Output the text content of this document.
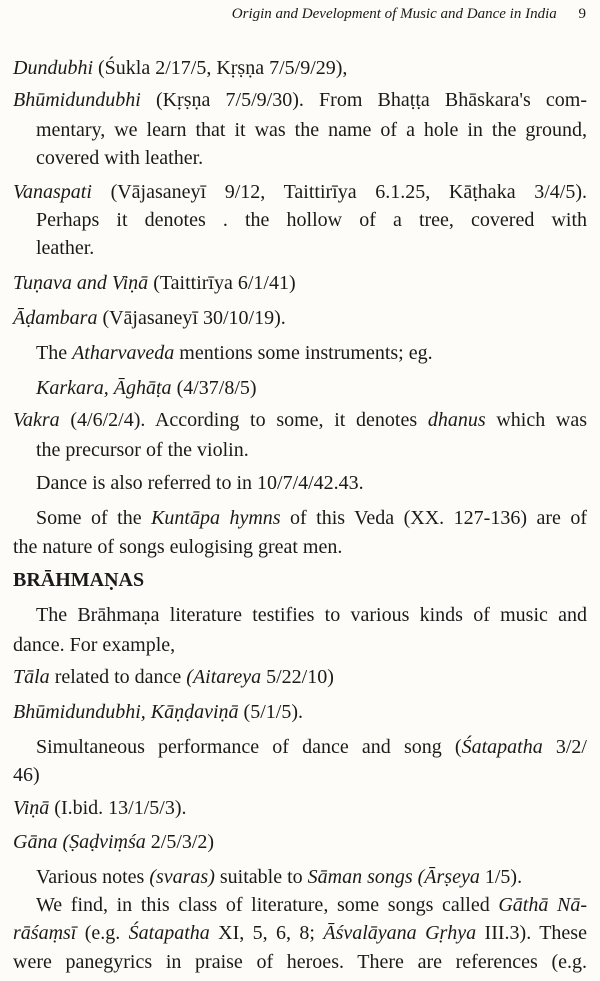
Origin and Development of Music and Dance in India 9
Dundubhi (Śukla 2/17/5, Kṛṣṇa 7/5/9/29),
Bhūmidundubhi (Kṛṣṇa 7/5/9/30). From Bhaṭṭa Bhāskara's com-
mentary, we learn that it was the name of a hole in the ground,
covered with leather.
Vanaspati (Vājasaneyī 9/12, Taittirīya 6.1.25, Kāṭhaka 3/4/5).
Perhaps it denotes . the hollow of a tree, covered with
leather.
Tuṇava and Viṇā (Taittirīya 6/1/41)
Āḍambara (Vājasaneyī 30/10/19).
The Atharvaveda mentions some instruments; eg.
Karkara, Āghāṭa (4/37/8/5)
Vakra (4/6/2/4). According to some, it denotes dhanus which was
the precursor of the violin.
Dance is also referred to in 10/7/4/42.43.
Some of the Kuntāpa hymns of this Veda (XX. 127-136) are of
the nature of songs eulogising great men.
BRĀHMAṆAS
The Brāhmaṇa literature testifies to various kinds of music and
dance. For example,
Tāla related to dance (Aitareya 5/22/10)
Bhūmidundubhi, Kāṇḍaviṇā (5/1/5).
Simultaneous performance of dance and song (Śatapatha 3/2/
46)
Viṇā (I.bid. 13/1/5/3).
Gāna (Ṣaḍviṃśa 2/5/3/2)
Various notes (svaras) suitable to Sāman songs (Ārṣeya 1/5).
We find, in this class of literature, some songs called Gāthā Nā-
rāśaṃsī (e.g. Śatapatha XI, 5, 6, 8; Āśvalāyana Gṛhya III.3). These
were panegyrics in praise of heroes. There are references (e.g.
